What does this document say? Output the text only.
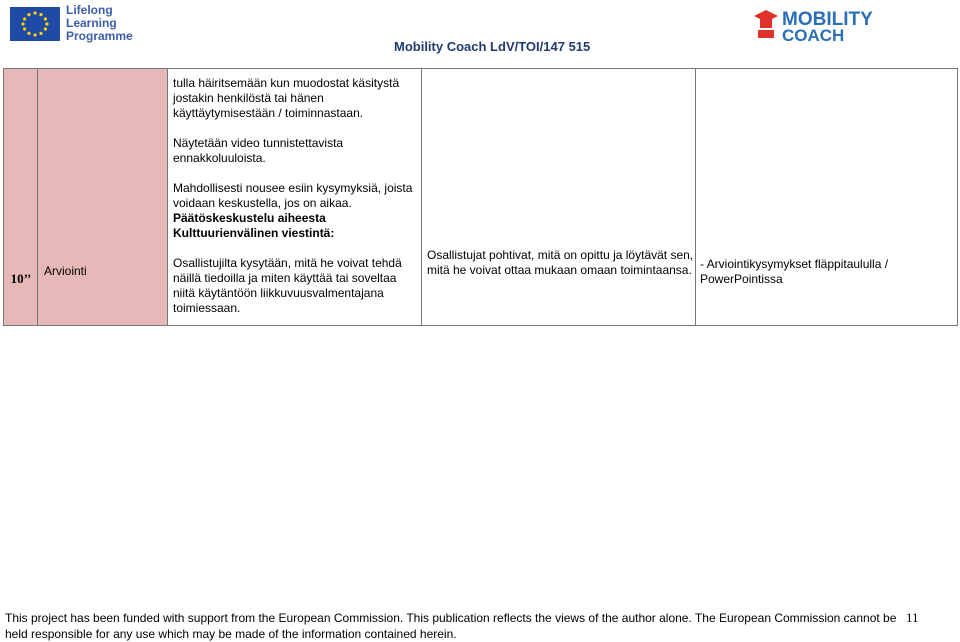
Lifelong
Learning
Programme
MOBILITY
COACH
Mobility Coach LdV/TOI/147 515
10’’	Arviointi

tulla häiritsemään kun muodostat käsitystä jostakin henkilöstä tai hänen käyttäytymisestään / toiminnastaan.

Näytetään video tunnistettavista ennakkoluuloista.

Mahdollisesti nousee esiin kysymyksiä, joista voidaan keskustella, jos on aikaa.

Päätöskeskustelu aiheesta Kulttuurienvälinen viestintä:

Osallistujilta kysytään, mitä he voivat tehdä näillä tiedoilla ja miten käyttää tai soveltaa niitä käytäntöön liikkuvuusvalmentajana toimiessaan.

Osallistujat pohtivat, mitä on opittu ja löytävät sen, mitä he voivat ottaa mukaan omaan toimintaansa. - Arviointikysymykset fläppitaululla / PowerPointissa
This project has been funded with support from the European Commission. This publication reflects the views of the author alone. The European Commission cannot be held responsible for any use which may be made of the information contained herein.
11
